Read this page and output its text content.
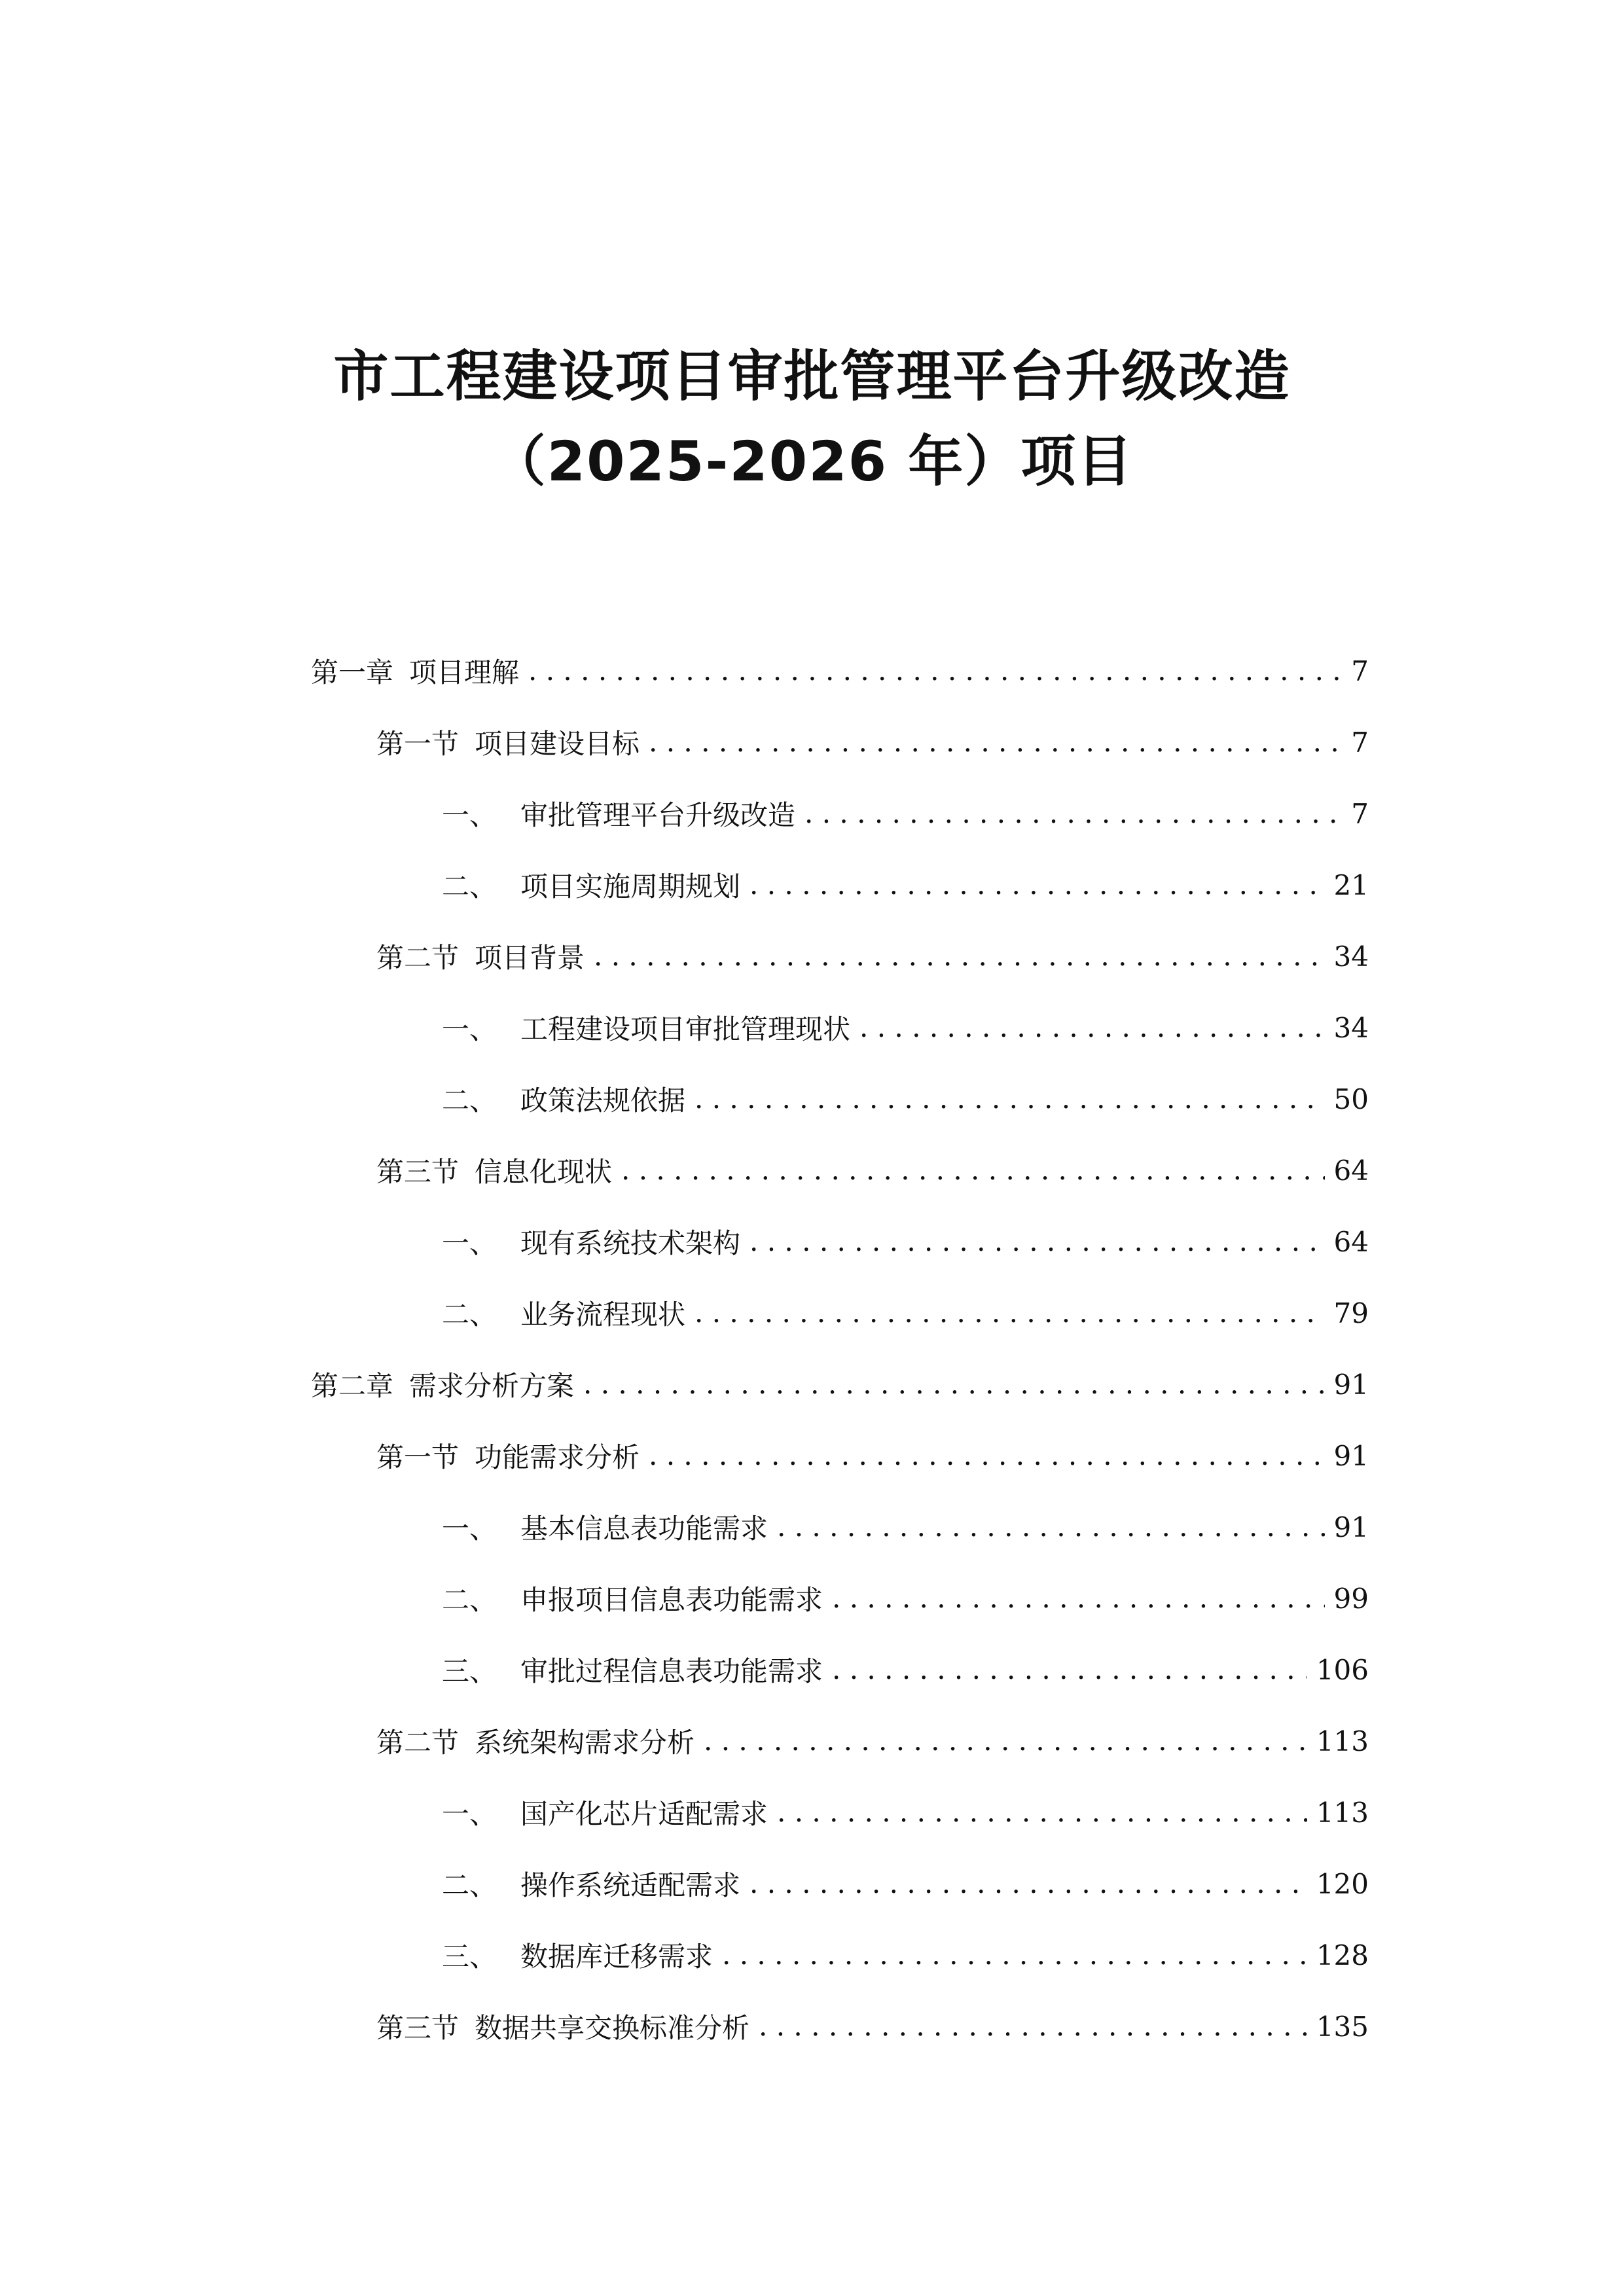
市工程建设项目审批管理平台升级改造
（2025-2026 年）项目
第一章 项目理解 . . .	7
第一节 项目建设目标 . . .	7
一、 审批管理平台升级改造 . . .	7
二、 项目实施周期规划 . . .	21
第二节 项目背景 . . .	34
一、 工程建设项目审批管理现状 . . .	34
二、 政策法规依据 . . .	50
第三节 信息化现状 . . .	64
一、 现有系统技术架构 . . .	64
二、 业务流程现状 . . .	79
第二章 需求分析方案 . . .	91
第一节 功能需求分析 . . .	91
一、 基本信息表功能需求 . . .	91
二、 申报项目信息表功能需求 . . .	99
三、 审批过程信息表功能需求 . . .	106
第二节 系统架构需求分析 . . .	113
一、 国产化芯片适配需求 . . .	113
二、 操作系统适配需求 . . .	120
三、 数据库迁移需求 . . .	128
第三节 数据共享交换标准分析 . . .	135
